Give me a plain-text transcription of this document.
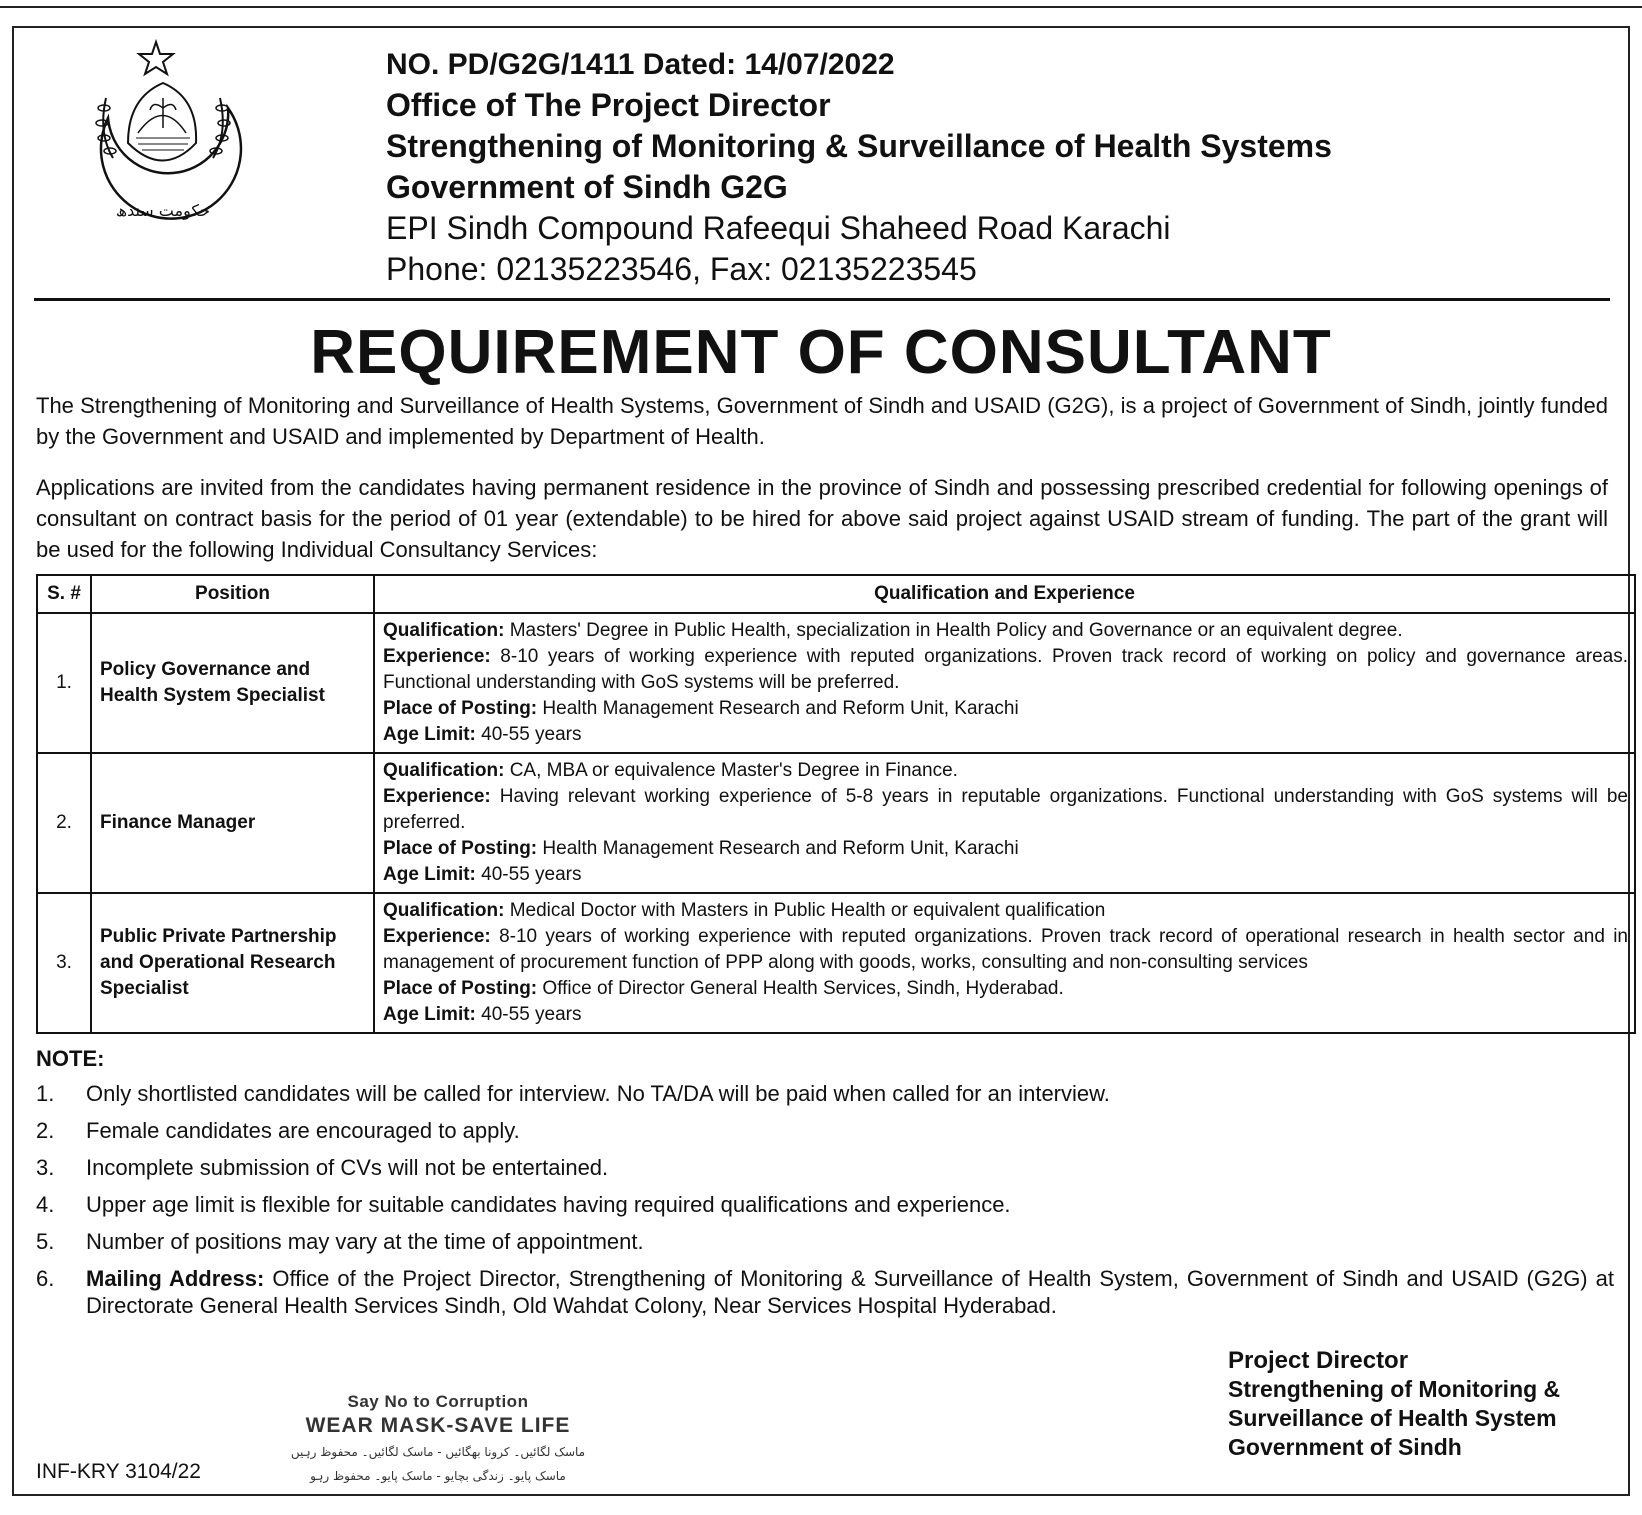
حکومت سندھ
NO. PD/G2G/1411 Dated: 14/07/2022
Office of The Project Director
Strengthening of Monitoring & Surveillance of Health Systems
Government of Sindh G2G
EPI Sindh Compound Rafeequi Shaheed Road Karachi
Phone: 02135223546, Fax: 02135223545
REQUIREMENT OF CONSULTANT
The Strengthening of Monitoring and Surveillance of Health Systems, Government of Sindh and USAID (G2G), is a project of Government of Sindh, jointly funded by the Government and USAID and implemented by Department of Health.
Applications are invited from the candidates having permanent residence in the province of Sindh and possessing prescribed credential for following openings of consultant on contract basis for the period of 01 year (extendable) to be hired for above said project against USAID stream of funding. The part of the grant will be used for the following Individual Consultancy Services:
S. #	Position	Qualification and Experience
1.	Policy Governance and Health System Specialist	Qualification: Masters' Degree in Public Health, specialization in Health Policy and Governance or an equivalent degree.
Experience: 8-10 years of working experience with reputed organizations. Proven track record of working on policy and governance areas. Functional understanding with GoS systems will be preferred.
Place of Posting: Health Management Research and Reform Unit, Karachi
Age Limit: 40-55 years
2.	Finance Manager	Qualification: CA, MBA or equivalence Master's Degree in Finance.
Experience: Having relevant working experience of 5-8 years in reputable organizations. Functional understanding with GoS systems will be preferred.
Place of Posting: Health Management Research and Reform Unit, Karachi
Age Limit: 40-55 years
3.	Public Private Partnership and Operational Research Specialist	Qualification: Medical Doctor with Masters in Public Health or equivalent qualification
Experience: 8-10 years of working experience with reputed organizations. Proven track record of operational research in health sector and in management of procurement function of PPP along with goods, works, consulting and non-consulting services
Place of Posting: Office of Director General Health Services, Sindh, Hyderabad.
Age Limit: 40-55 years
NOTE:
1.	Only shortlisted candidates will be called for interview. No TA/DA will be paid when called for an interview.
2.	Female candidates are encouraged to apply.
3.	Incomplete submission of CVs will not be entertained.
4.	Upper age limit is flexible for suitable candidates having required qualifications and experience.
5.	Number of positions may vary at the time of appointment.
6.	Mailing Address: Office of the Project Director, Strengthening of Monitoring & Surveillance of Health System, Government of Sindh and USAID (G2G) at Directorate General Health Services Sindh, Old Wahdat Colony, Near Services Hospital Hyderabad.
Say No to Corruption
WEAR MASK-SAVE LIFE
ماسک لگائیں۔ کرونا بھگائیں - ماسک لگائیں۔ محفوظ رہیں
ماسک پایو۔ زندگی بچایو - ماسک پایو۔ محفوظ رہو
INF-KRY 3104/22
Project Director
Strengthening of Monitoring &
Surveillance of Health System
Government of Sindh
